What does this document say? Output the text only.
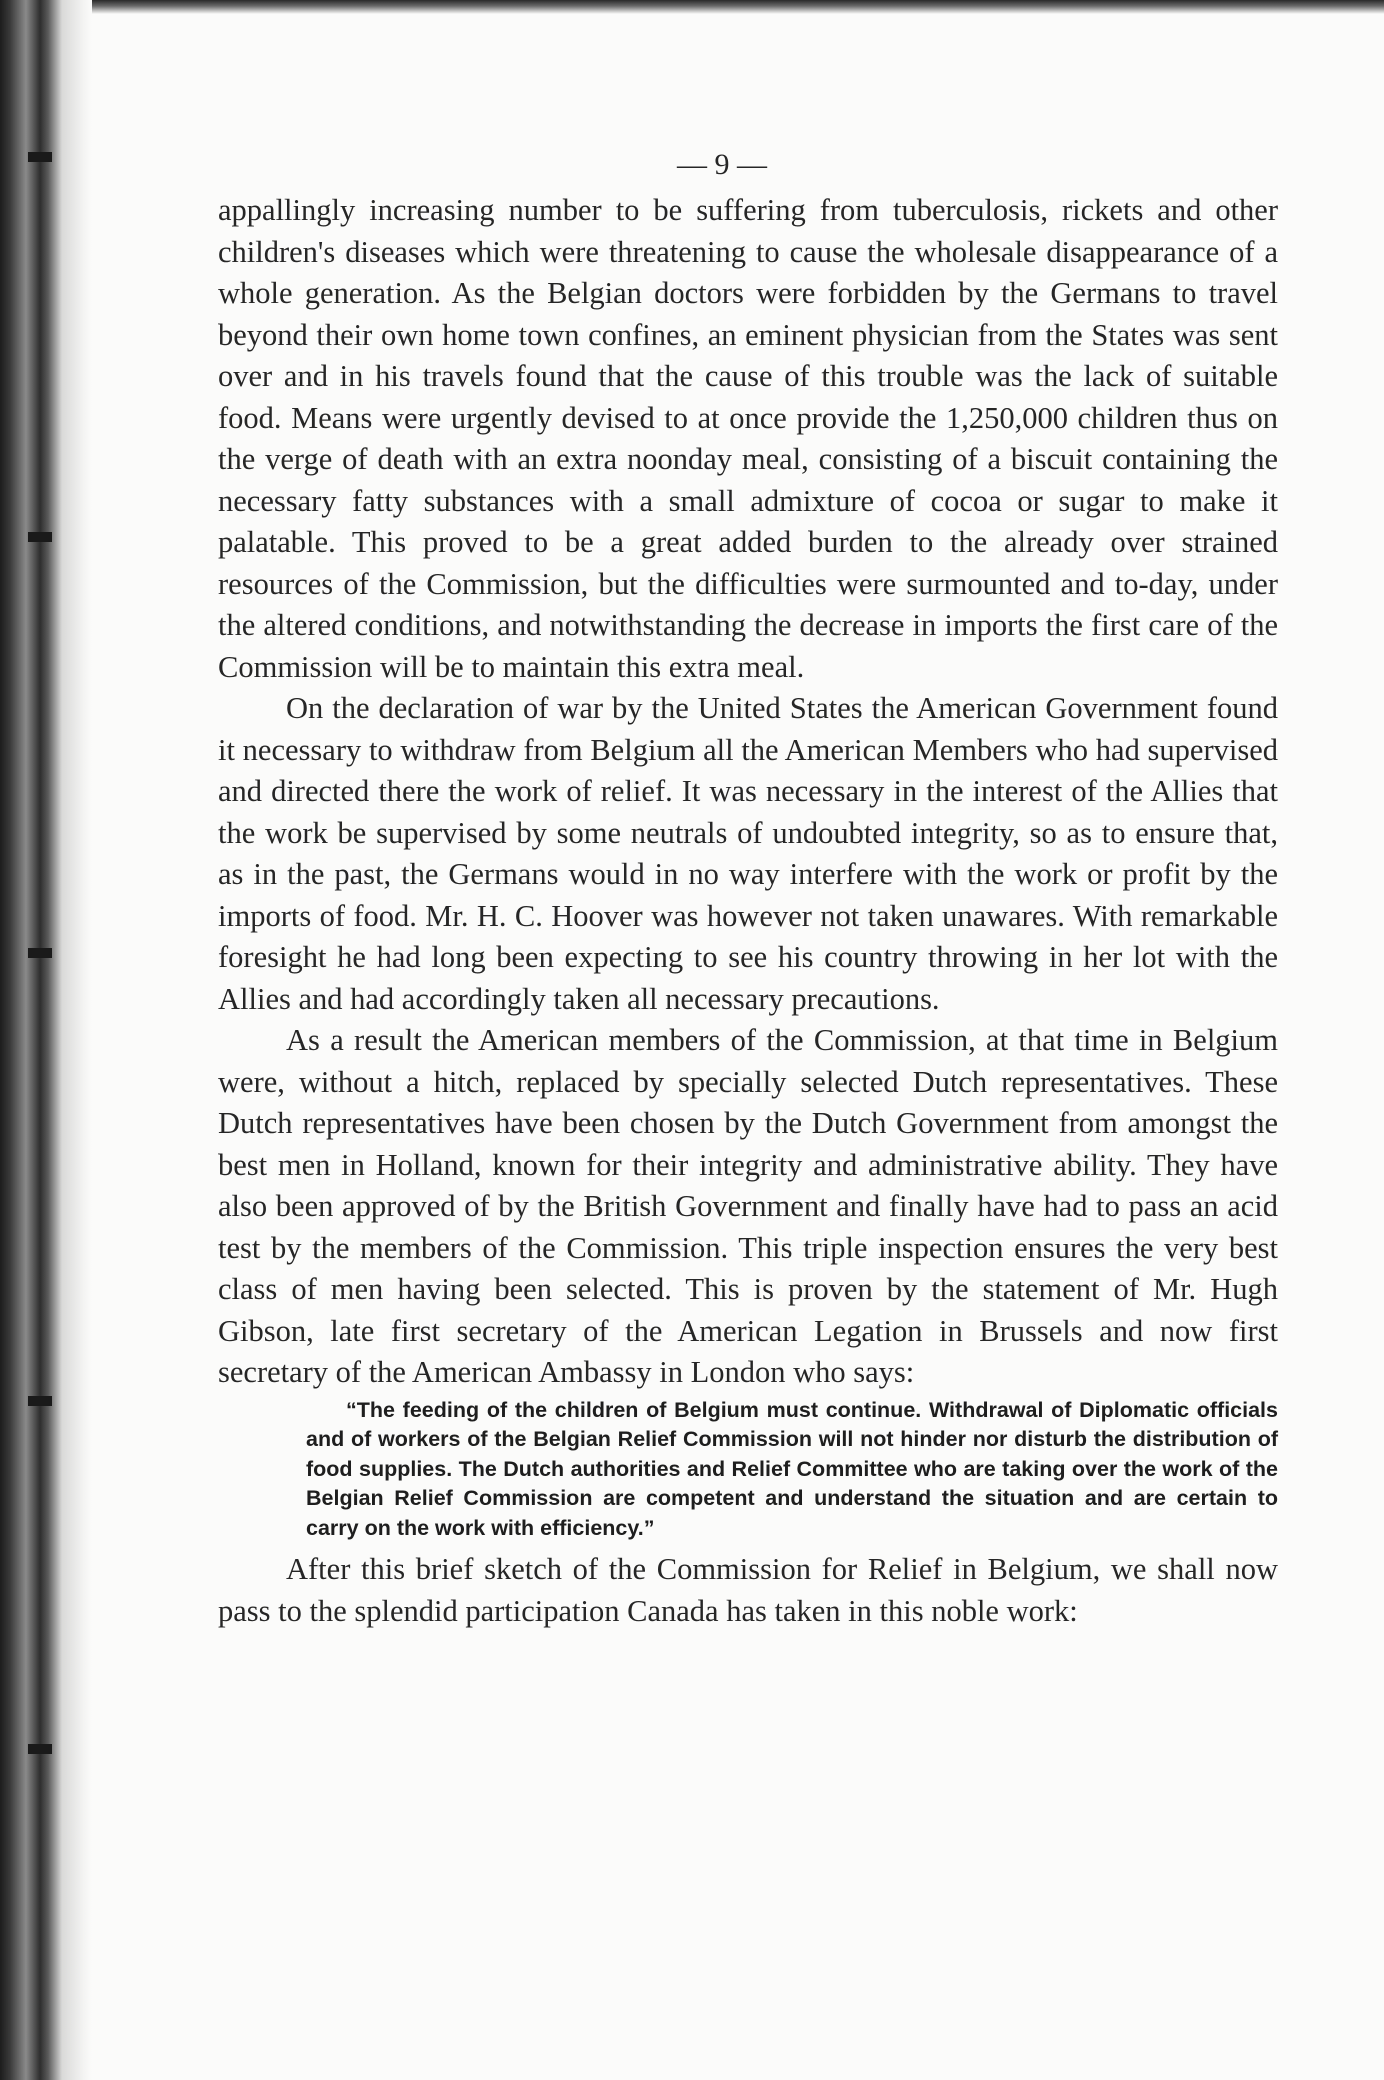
— 9 —

appallingly increasing number to be suffering from tuberculosis, rickets and other children's diseases which were threatening to cause the wholesale disappearance of a whole generation. As the Belgian doctors were forbidden by the Germans to travel beyond their own home town confines, an eminent physician from the States was sent over and in his travels found that the cause of this trouble was the lack of suitable food. Means were urgently devised to at once provide the 1,250,000 children thus on the verge of death with an extra noonday meal, consisting of a biscuit containing the necessary fatty substances with a small admixture of cocoa or sugar to make it palatable. This proved to be a great added burden to the already over strained resources of the Commission, but the difficulties were surmounted and to-day, under the altered conditions, and notwithstanding the decrease in imports the first care of the Commission will be to maintain this extra meal.

On the declaration of war by the United States the American Government found it necessary to withdraw from Belgium all the American Members who had supervised and directed there the work of relief. It was necessary in the interest of the Allies that the work be supervised by some neutrals of undoubted integrity, so as to ensure that, as in the past, the Germans would in no way interfere with the work or profit by the imports of food. Mr. H. C. Hoover was however not taken unawares. With remarkable foresight he had long been expecting to see his country throwing in her lot with the Allies and had accordingly taken all necessary precautions.

As a result the American members of the Commission, at that time in Belgium were, without a hitch, replaced by specially selected Dutch representatives. These Dutch representatives have been chosen by the Dutch Government from amongst the best men in Holland, known for their integrity and administrative ability. They have also been approved of by the British Government and finally have had to pass an acid test by the members of the Commission. This triple inspection ensures the very best class of men having been selected. This is proven by the statement of Mr. Hugh Gibson, late first secretary of the American Legation in Brussels and now first secretary of the American Ambassy in London who says:

“The feeding of the children of Belgium must continue. Withdrawal of Diplomatic officials and of workers of the Belgian Relief Commission will not hinder nor disturb the distribution of food supplies. The Dutch authorities and Relief Committee who are taking over the work of the Belgian Relief Commission are competent and understand the situation and are certain to carry on the work with efficiency.”

After this brief sketch of the Commission for Relief in Belgium, we shall now pass to the splendid participation Canada has taken in this noble work:
